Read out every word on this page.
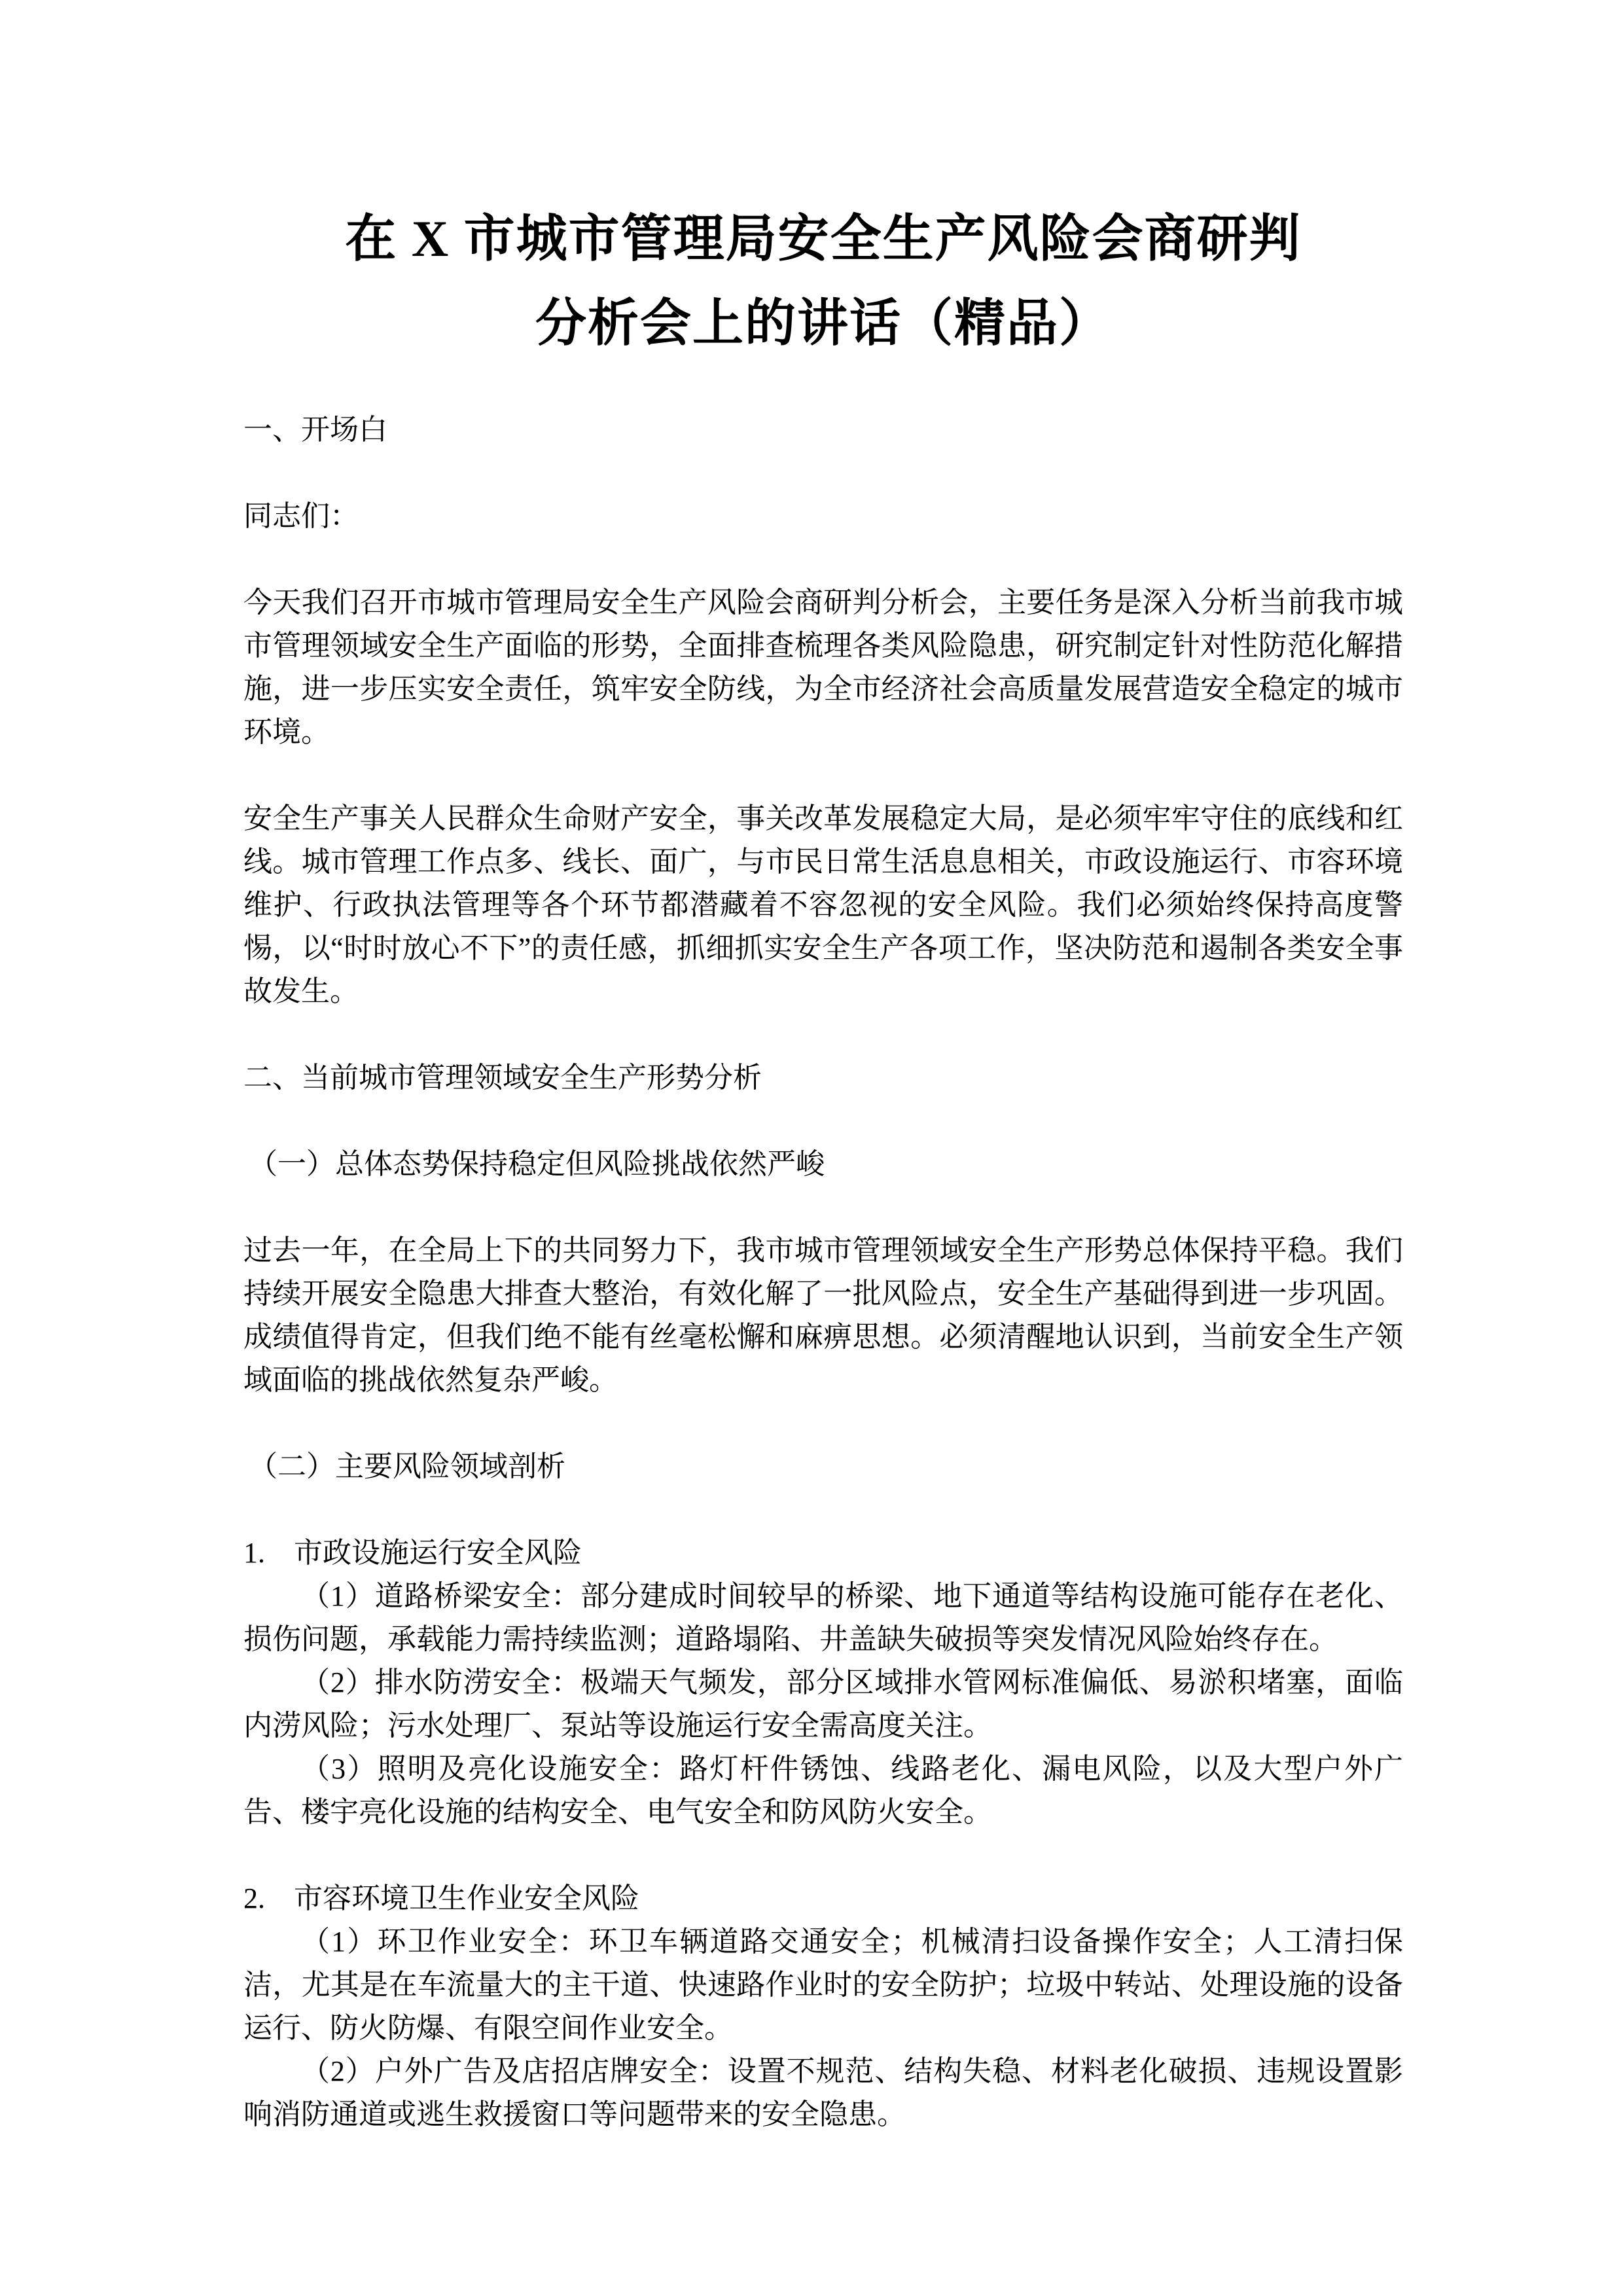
在 X 市城市管理局安全生产风险会商研判
分析会上的讲话（精品）

一、开场白

同志们：

今天我们召开市城市管理局安全生产风险会商研判分析会，主要任务是深入分析当前我市城市管理领域安全生产面临的形势，全面排查梳理各类风险隐患，研究制定针对性防范化解措施，进一步压实安全责任，筑牢安全防线，为全市经济社会高质量发展营造安全稳定的城市环境。

安全生产事关人民群众生命财产安全，事关改革发展稳定大局，是必须牢牢守住的底线和红线。城市管理工作点多、线长、面广，与市民日常生活息息相关，市政设施运行、市容环境维护、行政执法管理等各个环节都潜藏着不容忽视的安全风险。我们必须始终保持高度警惕，以“时时放心不下”的责任感，抓细抓实安全生产各项工作，坚决防范和遏制各类安全事故发生。

二、当前城市管理领域安全生产形势分析

（一）总体态势保持稳定但风险挑战依然严峻

过去一年，在全局上下的共同努力下，我市城市管理领域安全生产形势总体保持平稳。我们持续开展安全隐患大排查大整治，有效化解了一批风险点，安全生产基础得到进一步巩固。成绩值得肯定，但我们绝不能有丝毫松懈和麻痹思想。必须清醒地认识到，当前安全生产领域面临的挑战依然复杂严峻。

（二）主要风险领域剖析

1. 市政设施运行安全风险

（1）道路桥梁安全：部分建成时间较早的桥梁、地下通道等结构设施可能存在老化、损伤问题，承载能力需持续监测；道路塌陷、井盖缺失破损等突发情况风险始终存在。

（2）排水防涝安全：极端天气频发，部分区域排水管网标准偏低、易淤积堵塞，面临内涝风险；污水处理厂、泵站等设施运行安全需高度关注。

（3）照明及亮化设施安全：路灯杆件锈蚀、线路老化、漏电风险，以及大型户外广告、楼宇亮化设施的结构安全、电气安全和防风防火安全。

2. 市容环境卫生作业安全风险

（1）环卫作业安全：环卫车辆道路交通安全；机械清扫设备操作安全；人工清扫保洁，尤其是在车流量大的主干道、快速路作业时的安全防护；垃圾中转站、处理设施的设备运行、防火防爆、有限空间作业安全。

（2）户外广告及店招店牌安全：设置不规范、结构失稳、材料老化破损、违规设置影响消防通道或逃生救援窗口等问题带来的安全隐患。
